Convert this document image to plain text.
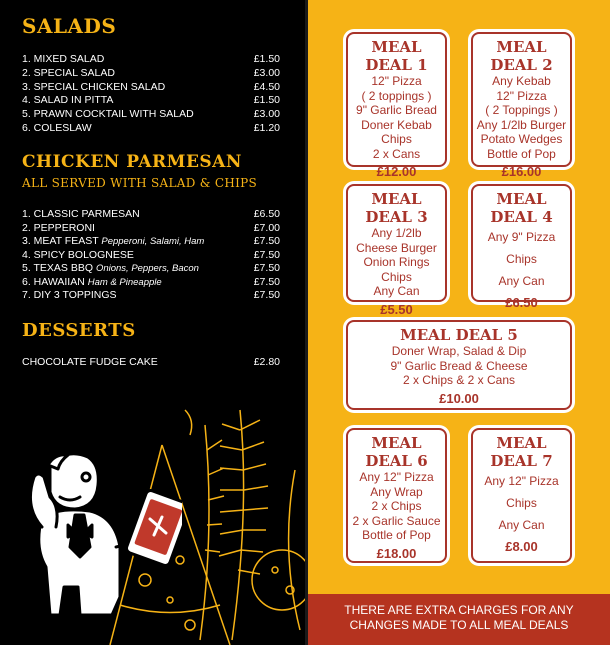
SALADS
1. MIXED SALAD	£1.50
2. SPECIAL SALAD	£3.00
3. SPECIAL CHICKEN SALAD	£4.50
4. SALAD IN PITTA	£1.50
5. PRAWN COCKTAIL WITH SALAD	£3.00
6. COLESLAW	£1.20
CHICKEN PARMESAN
ALL SERVED WITH SALAD & CHIPS
1. CLASSIC PARMESAN	£6.50
2. PEPPERONI	£7.00
3. MEAT FEAST Pepperoni, Salami, Ham	£7.50
4. SPICY BOLOGNESE	£7.50
5. TEXAS BBQ Onions, Peppers, Bacon	£7.50
6. HAWAIIAN Ham & Pineapple	£7.50
7. DIY 3 TOPPINGS	£7.50
DESSERTS
CHOCOLATE FUDGE CAKE	£2.80
MEAL DEAL 1
12" Pizza
( 2 toppings )
9" Garlic Bread
Doner Kebab
Chips
2 x Cans
£12.00
MEAL DEAL 2
Any Kebab
12" Pizza
( 2 Toppings )
Any 1/2lb Burger
Potato Wedges
Bottle of Pop
£16.00
MEAL DEAL 3
Any 1/2lb
Cheese Burger
Onion Rings
Chips
Any Can
£5.50
MEAL DEAL 4
Any 9" Pizza
Chips
Any Can
£6.50
MEAL DEAL 5
Doner Wrap, Salad & Dip
9" Garlic Bread & Cheese
2 x Chips & 2 x Cans
£10.00
MEAL DEAL 6
Any 12" Pizza
Any Wrap
2 x Chips
2 x Garlic Sauce
Bottle of Pop
£18.00
MEAL DEAL 7
Any 12" Pizza
Chips
Any Can
£8.00
THERE ARE EXTRA CHARGES FOR ANY
CHANGES MADE TO ALL MEAL DEALS
